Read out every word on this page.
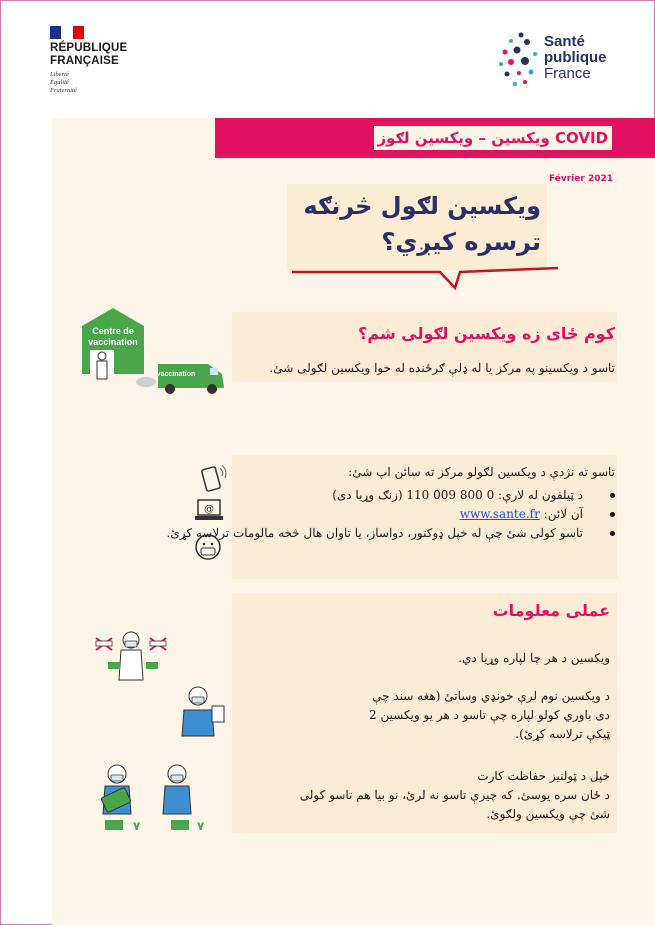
RÉPUBLIQUE
FRANÇAISE
Liberté
Égalité
Fraternité
Santé
publique
France
COVID ويکسين – ويکسين لګوز
Février 2021
ويکسين لګول څرنګه ترسره کيږي؟
Centre de
vaccination
vaccination
کوم ځای زه ويکسين لګولی شم؟
تاسو د ويکسينو په مرکز يا له ډلې ګرځنده له خوا ويکسين لګولی شئ.
تاسو ته نژدې د ويکسين لګولو مرکز ته سائن اپ شئ:
د ټيلفون له لارې: 0 800 009 110 (زنګ وړيا دی)
آن لائن: www.sante.fr
تاسو کولی شئ چې له خپل ډوکتور، دواساز، يا تاوان هال څخه مالومات ترلاسه کړئ.
@
عملی معلومات
ويکسين د هر چا لپاره وړيا دي.
د ويکسين نوم لرې خونډي وساتئ (هغه سند چې
دی باوري کولو لپاره چې تاسو د هر يو ويکسين 2
ټيکې ترلاسه کړئ).
خپل د ټولنيز حفاظت کارت
د ځان سره يوسئ. که چيرې تاسو نه لرئ، نو بيا هم تاسو کولی
شئ چې ويکسين ولګوئ.
٧	٧
